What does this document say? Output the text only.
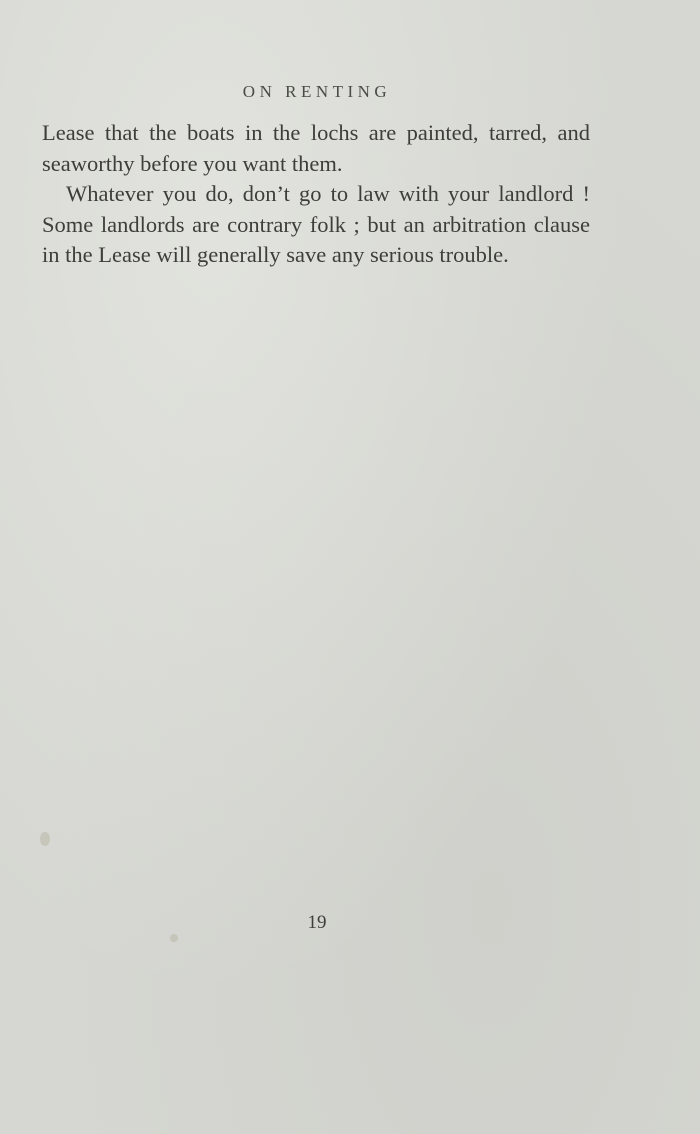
ON RENTING

Lease that the boats in the lochs are painted, tarred, and seaworthy before you want them.

Whatever you do, don’t go to law with your landlord ! Some landlords are contrary folk ; but an arbitration clause in the Lease will generally save any serious trouble.

19
